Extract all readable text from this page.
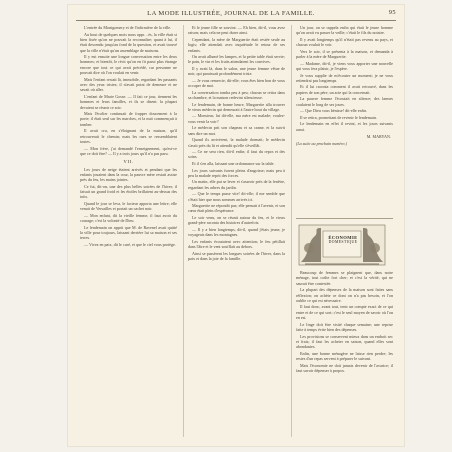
LA MODE ILLUSTRÉE, JOURNAL DE LA FAMILLE.	95

L'entrée du Montgomery et de l'infirmière de la ville.

Au bout de quelques mois nous appr…ès, la ville était si bien fixée qu'on ne pouvait la reconnaître; quant à lui, il était descendu jusqu'au fond de la question, et avait trouvé que la ville n'était qu'un assemblage de maisons.

Il y eut ensuite une longue conversation entre les deux hommes; et bientôt, le récit qu'on en fit parut plus étrange encore que tout ce qui avait précédé, car personne ne pouvait dire où l'on voulait en venir.

Mais l'enfant restait là, immobile, regardant les passants avec des yeux tristes; il n'avait point de demeure et ne savait où aller.

L'enfant de Marie Gosse. — Il fait ce jour, tiennent les hommes et leurs familles, et ils se disent: la plupart devaient se réunir ce soir.

Mais l'écolier continuait de frapper doucement à la porte; il était seul sur les marches, et la nuit commençait à tomber.

Il avait cru, en s'éloignant de la maison, qu'il retrouverait le chemin; mais les rues se ressemblaient toutes.

— Mon frère, j'ai demandé l'enseignement, qu'est-ce que ce doit être? — Il y a trois jours qu'il n'a pas paru.

VII.

Les jours de neige étaient arrivés et pendant que les enfants jouaient dans la cour, la pauvre mère restait assise près du feu, les mains jointes.

Ce fut, dit-on, une des plus belles soirées de l'hiver; il faisait un grand froid et les étoiles brillaient au-dessus des toits.

Quand le jour se leva, le facteur apporta une lettre; elle venait de Versailles et portait un cachet noir.

— Mon enfant, dit la vieille femme, il faut avoir du courage; c'est la volonté de Dieu.

Le lendemain on apprit que M. de Ravenel avait quitté la ville pour toujours, laissant derrière lui sa maison et ses terres.

— Vivez en paix, dit le curé, et que le ciel vous protège.

Et le jeune fille se souvint. — Eh bien, dit-il, vous avez raison; mais cela ne peut durer ainsi.

Cependant, la mère de Marguerite était restée seule au logis; elle attendait avec inquiétude le retour de ses enfants.

On avait allumé les lampes, et la petite table était servie; le pain, le vin et les fruits attendaient les convives.

Il y avait là, dans le salon, une jeune femme vêtue de noir, qui paraissait profondément triste.

— Je vous remercie, dit-elle; vous êtes bien bon de vous occuper de moi.

La conversation tomba peu à peu; chacun se retira dans sa chambre, et la maison redevint silencieuse.

Le lendemain, de bonne heure, Marguerite alla trouver le vieux médecin qui demeurait à l'autre bout du village.

— Monsieur, lui dit-elle, ma mère est malade; voulez-vous venir la voir?

Le médecin prit son chapeau et sa canne, et la suivit sans dire un mot.

Quand ils arrivèrent, la malade dormait; le médecin s'assit près du lit et attendit qu'elle s'éveillât.

— Ce ne sera rien, dit-il enfin; il faut du repos et des soins.

Et il s'en alla, laissant une ordonnance sur la table.

Les jours suivants furent pleins d'angoisse; mais peu à peu la malade reprit des forces.

Un matin, elle put se lever et s'asseoir près de la fenêtre, regardant les arbres du jardin.

— Que le temps passe vite! dit-elle; il me semble que c'était hier que nous sommes arrivés ici.

Marguerite ne répondit pas; elle pensait à l'avenir, et son cœur était plein d'espérance.

Le soir venu, on se réunit autour du feu, et le vieux grand-père raconta des histoires d'autrefois.

— Il y a bien longtemps, dit-il, quand j'étais jeune, je voyageais dans les montagnes.

Les enfants écoutaient avec attention; le feu pétillait dans l'âtre et le vent soufflait au dehors.

Ainsi se passèrent les longues soirées de l'hiver, dans la paix et dans la joie de la famille.

Un jour, on se rappela enfin qui était le jeune homme qu'on avait vu passer la veille; c'était le fils du notaire.

Il y avait longtemps qu'il n'était pas revenu au pays, et chacun voulait le voir.

Vers le soir, il se présenta à la maison, et demanda à parler à la mère de Marguerite.

— Madame, dit-il, je viens vous apporter une nouvelle qui vous fera plaisir, je l'espère.

Je vous supplie de m'écouter un moment; je ne vous retiendrai pas longtemps.

Et il lui raconta comment il avait retrouvé, dans les papiers de son père, un acte qui la concernait.

La pauvre femme l'écoutait en silence; des larmes coulaient le long de ses joues.

— Que Dieu vous bénisse! dit-elle enfin.

Il se retira, promettant de revenir le lendemain.

Le lendemain en effet il revint, et les jours suivants aussi.

M. MARYAN.
(La suite au prochain numéro.)
ÉCONOMIE
DOMESTIQUE

Beaucoup de femmes se plaignent que, dans notre ménage, tout coûte fort cher; et c'est la vérité, qui ne saurait être contestée.

La plupart des dépenses de la maison sont faites sans réflexion; on achète ce dont on n'a pas besoin, et l'on oublie ce qui est nécessaire.

Il faut donc, avant tout, tenir un compte exact de ce qui entre et de ce qui sort; c'est le seul moyen de savoir où l'on en est.

Le linge doit être visité chaque semaine; une reprise faite à temps évite bien des dépenses.

Les provisions se conservent mieux dans un endroit sec et frais; il faut les acheter en saison, quand elles sont abondantes.

Enfin, une bonne ménagère ne laisse rien perdre; les restes d'un repas servent à préparer le suivant.

Mais l'économie ne doit jamais devenir de l'avarice; il faut savoir dépenser à propos.
